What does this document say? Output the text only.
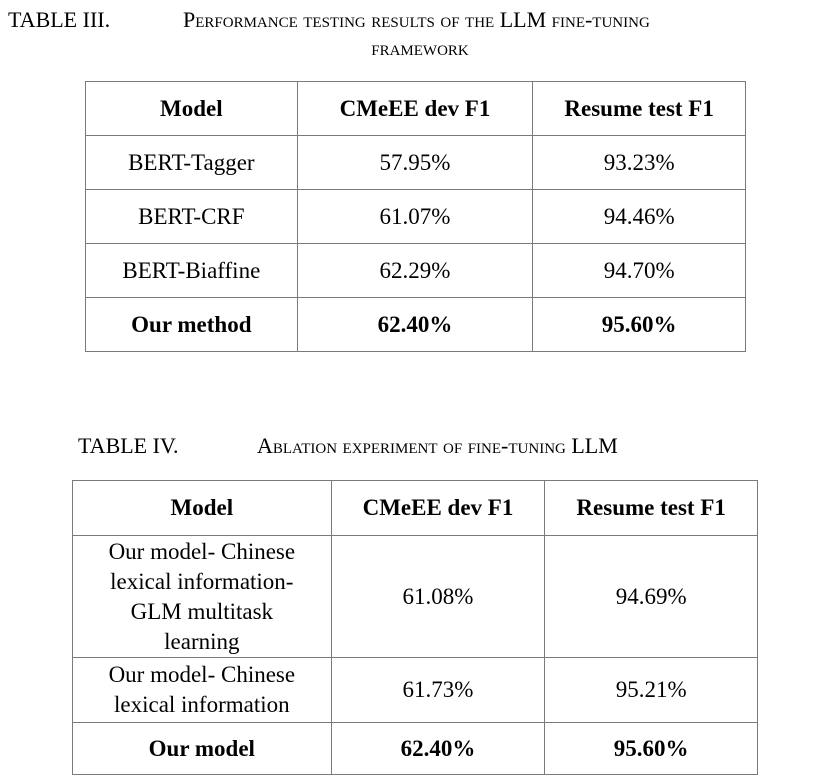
TABLE III.	Performance testing results of the LLM fine-tuning
framework
Model	CMeEE dev F1	Resume test F1
BERT-Tagger	57.95%	93.23%
BERT-CRF	61.07%	94.46%
BERT-Biaffine	62.29%	94.70%
Our method	62.40%	95.60%
TABLE IV.	Ablation experiment of fine-tuning LLM
Model	CMeEE dev F1	Resume test F1

Our model- Chinese
lexical information-
GLM multitask
learning	61.08%	94.69%

Our model- Chinese
lexical information	61.73%	95.21%
Our model	62.40%	95.60%
